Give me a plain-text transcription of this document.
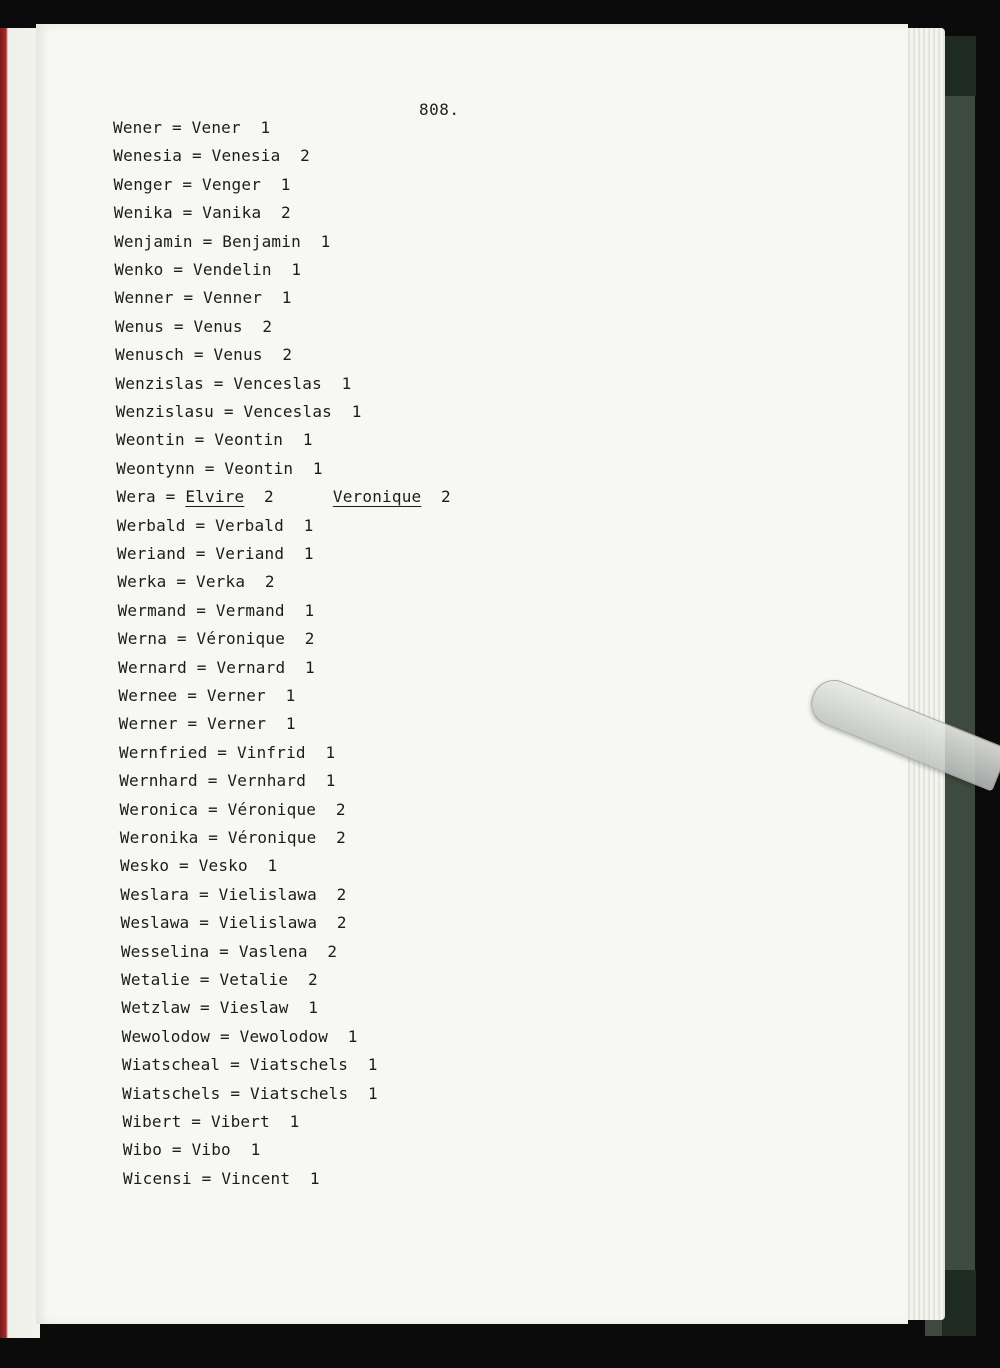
808.
Wener = Vener 1
Wenesia = Venesia 2
Wenger = Venger 1
Wenika = Vanika 2
Wenjamin = Benjamin 1
Wenko = Vendelin 1
Wenner = Venner 1
Wenus = Venus 2
Wenusch = Venus 2
Wenzislas = Venceslas 1
Wenzislasu = Venceslas 1
Weontin = Veontin 1
Weontynn = Veontin 1
Wera = Elvire 2	Veronique 2
Werbald = Verbald 1
Weriand = Veriand 1
Werka = Verka 2
Wermand = Vermand 1
Werna = Véronique 2
Wernard = Vernard 1
Wernee = Verner 1
Werner = Verner 1
Wernfried = Vinfrid 1
Wernhard = Vernhard 1
Weronica = Véronique 2
Weronika = Véronique 2
Wesko = Vesko 1
Weslara = Vielislawa 2
Weslawa = Vielislawa 2
Wesselina = Vaslena 2
Wetalie = Vetalie 2
Wetzlaw = Vieslaw 1
Wewolodow = Vewolodow 1
Wiatscheal = Viatschels 1
Wiatschels = Viatschels 1
Wibert = Vibert 1
Wibo = Vibo 1
Wicensi = Vincent 1
